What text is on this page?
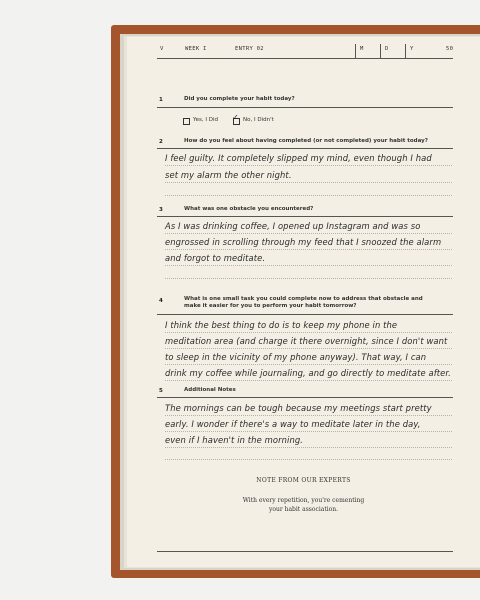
V	WEEK I	ENTRY 02	M	D	Y	50
1	Did you complete your habit today?
Yes, I Did	✓ No, I Didn't
2	How do you feel about having completed (or not completed) your habit today?
I feel guilty. It completely slipped my mind, even though I had
set my alarm the other night.
3	What was one obstacle you encountered?
As I was drinking coffee, I opened up Instagram and was so
engrossed in scrolling through my feed that I snoozed the alarm
and forgot to meditate.
4	What is one small task you could complete now to address that obstacle and
make it easier for you to perform your habit tomorrow?
I think the best thing to do is to keep my phone in the
meditation area (and charge it there overnight, since I don't want
to sleep in the vicinity of my phone anyway). That way, I can
drink my coffee while journaling, and go directly to meditate after.
5	Additional Notes
The mornings can be tough because my meetings start pretty
early. I wonder if there's a way to meditate later in the day,
even if I haven't in the morning.
NOTE FROM OUR EXPERTS
With every repetition, you're cementing
your habit association.
